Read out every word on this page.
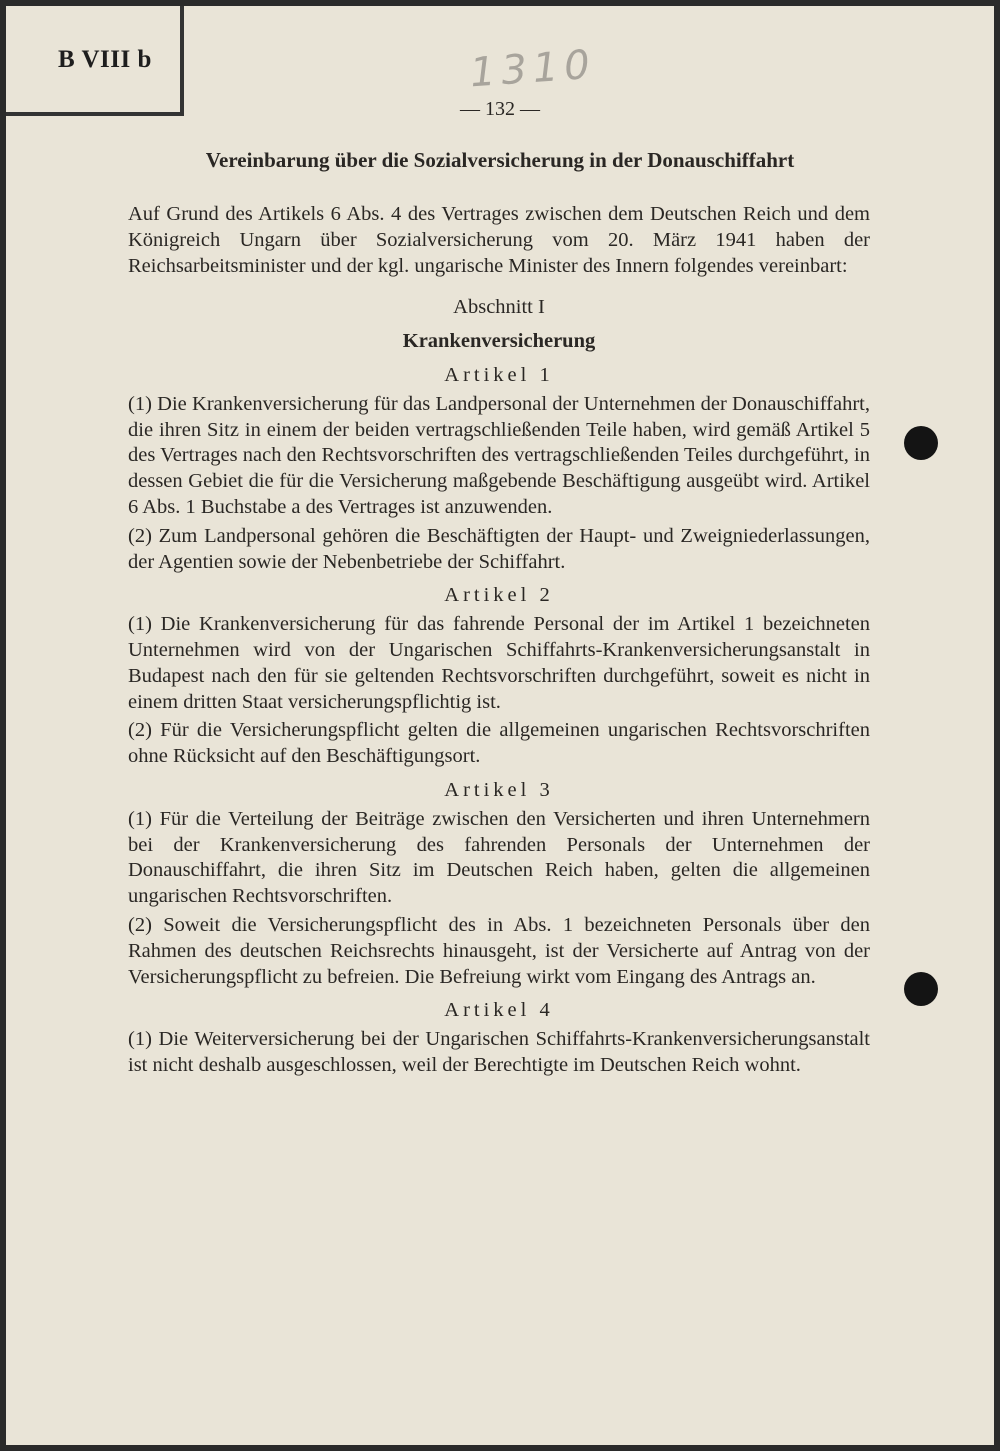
B VIII b	1310
— 132 —
Vereinbarung über die Sozialversicherung in der Donauschiffahrt

Auf Grund des Artikels 6 Abs. 4 des Vertrages zwischen dem Deutschen Reich und dem Königreich Ungarn über Sozialversicherung vom 20. März 1941 haben der Reichsarbeitsminister und der kgl. ungarische Minister des Innern folgendes vereinbart:

Abschnitt I

Krankenversicherung

Artikel 1

(1) Die Krankenversicherung für das Landpersonal der Unternehmen der Donauschiffahrt, die ihren Sitz in einem der beiden vertragschließenden Teile haben, wird gemäß Artikel 5 des Vertrages nach den Rechtsvorschriften des vertragschließenden Teiles durchgeführt, in dessen Gebiet die für die Versicherung maßgebende Beschäftigung ausgeübt wird. Artikel 6 Abs. 1 Buchstabe a des Vertrages ist anzuwenden.

(2) Zum Landpersonal gehören die Beschäftigten der Haupt- und Zweigniederlassungen, der Agentien sowie der Nebenbetriebe der Schiffahrt.

Artikel 2

(1) Die Krankenversicherung für das fahrende Personal der im Artikel 1 bezeichneten Unternehmen wird von der Ungarischen Schiffahrts-Krankenversicherungsanstalt in Budapest nach den für sie geltenden Rechtsvorschriften durchgeführt, soweit es nicht in einem dritten Staat versicherungspflichtig ist.

(2) Für die Versicherungspflicht gelten die allgemeinen ungarischen Rechtsvorschriften ohne Rücksicht auf den Beschäftigungsort.

Artikel 3

(1) Für die Verteilung der Beiträge zwischen den Versicherten und ihren Unternehmern bei der Krankenversicherung des fahrenden Personals der Unternehmen der Donauschiffahrt, die ihren Sitz im Deutschen Reich haben, gelten die allgemeinen ungarischen Rechtsvorschriften.

(2) Soweit die Versicherungspflicht des in Abs. 1 bezeichneten Personals über den Rahmen des deutschen Reichsrechts hinausgeht, ist der Versicherte auf Antrag von der Versicherungspflicht zu befreien. Die Befreiung wirkt vom Eingang des Antrags an.

Artikel 4

(1) Die Weiterversicherung bei der Ungarischen Schiffahrts-Krankenversicherungsanstalt ist nicht deshalb ausgeschlossen, weil der Berechtigte im Deutschen Reich wohnt.
